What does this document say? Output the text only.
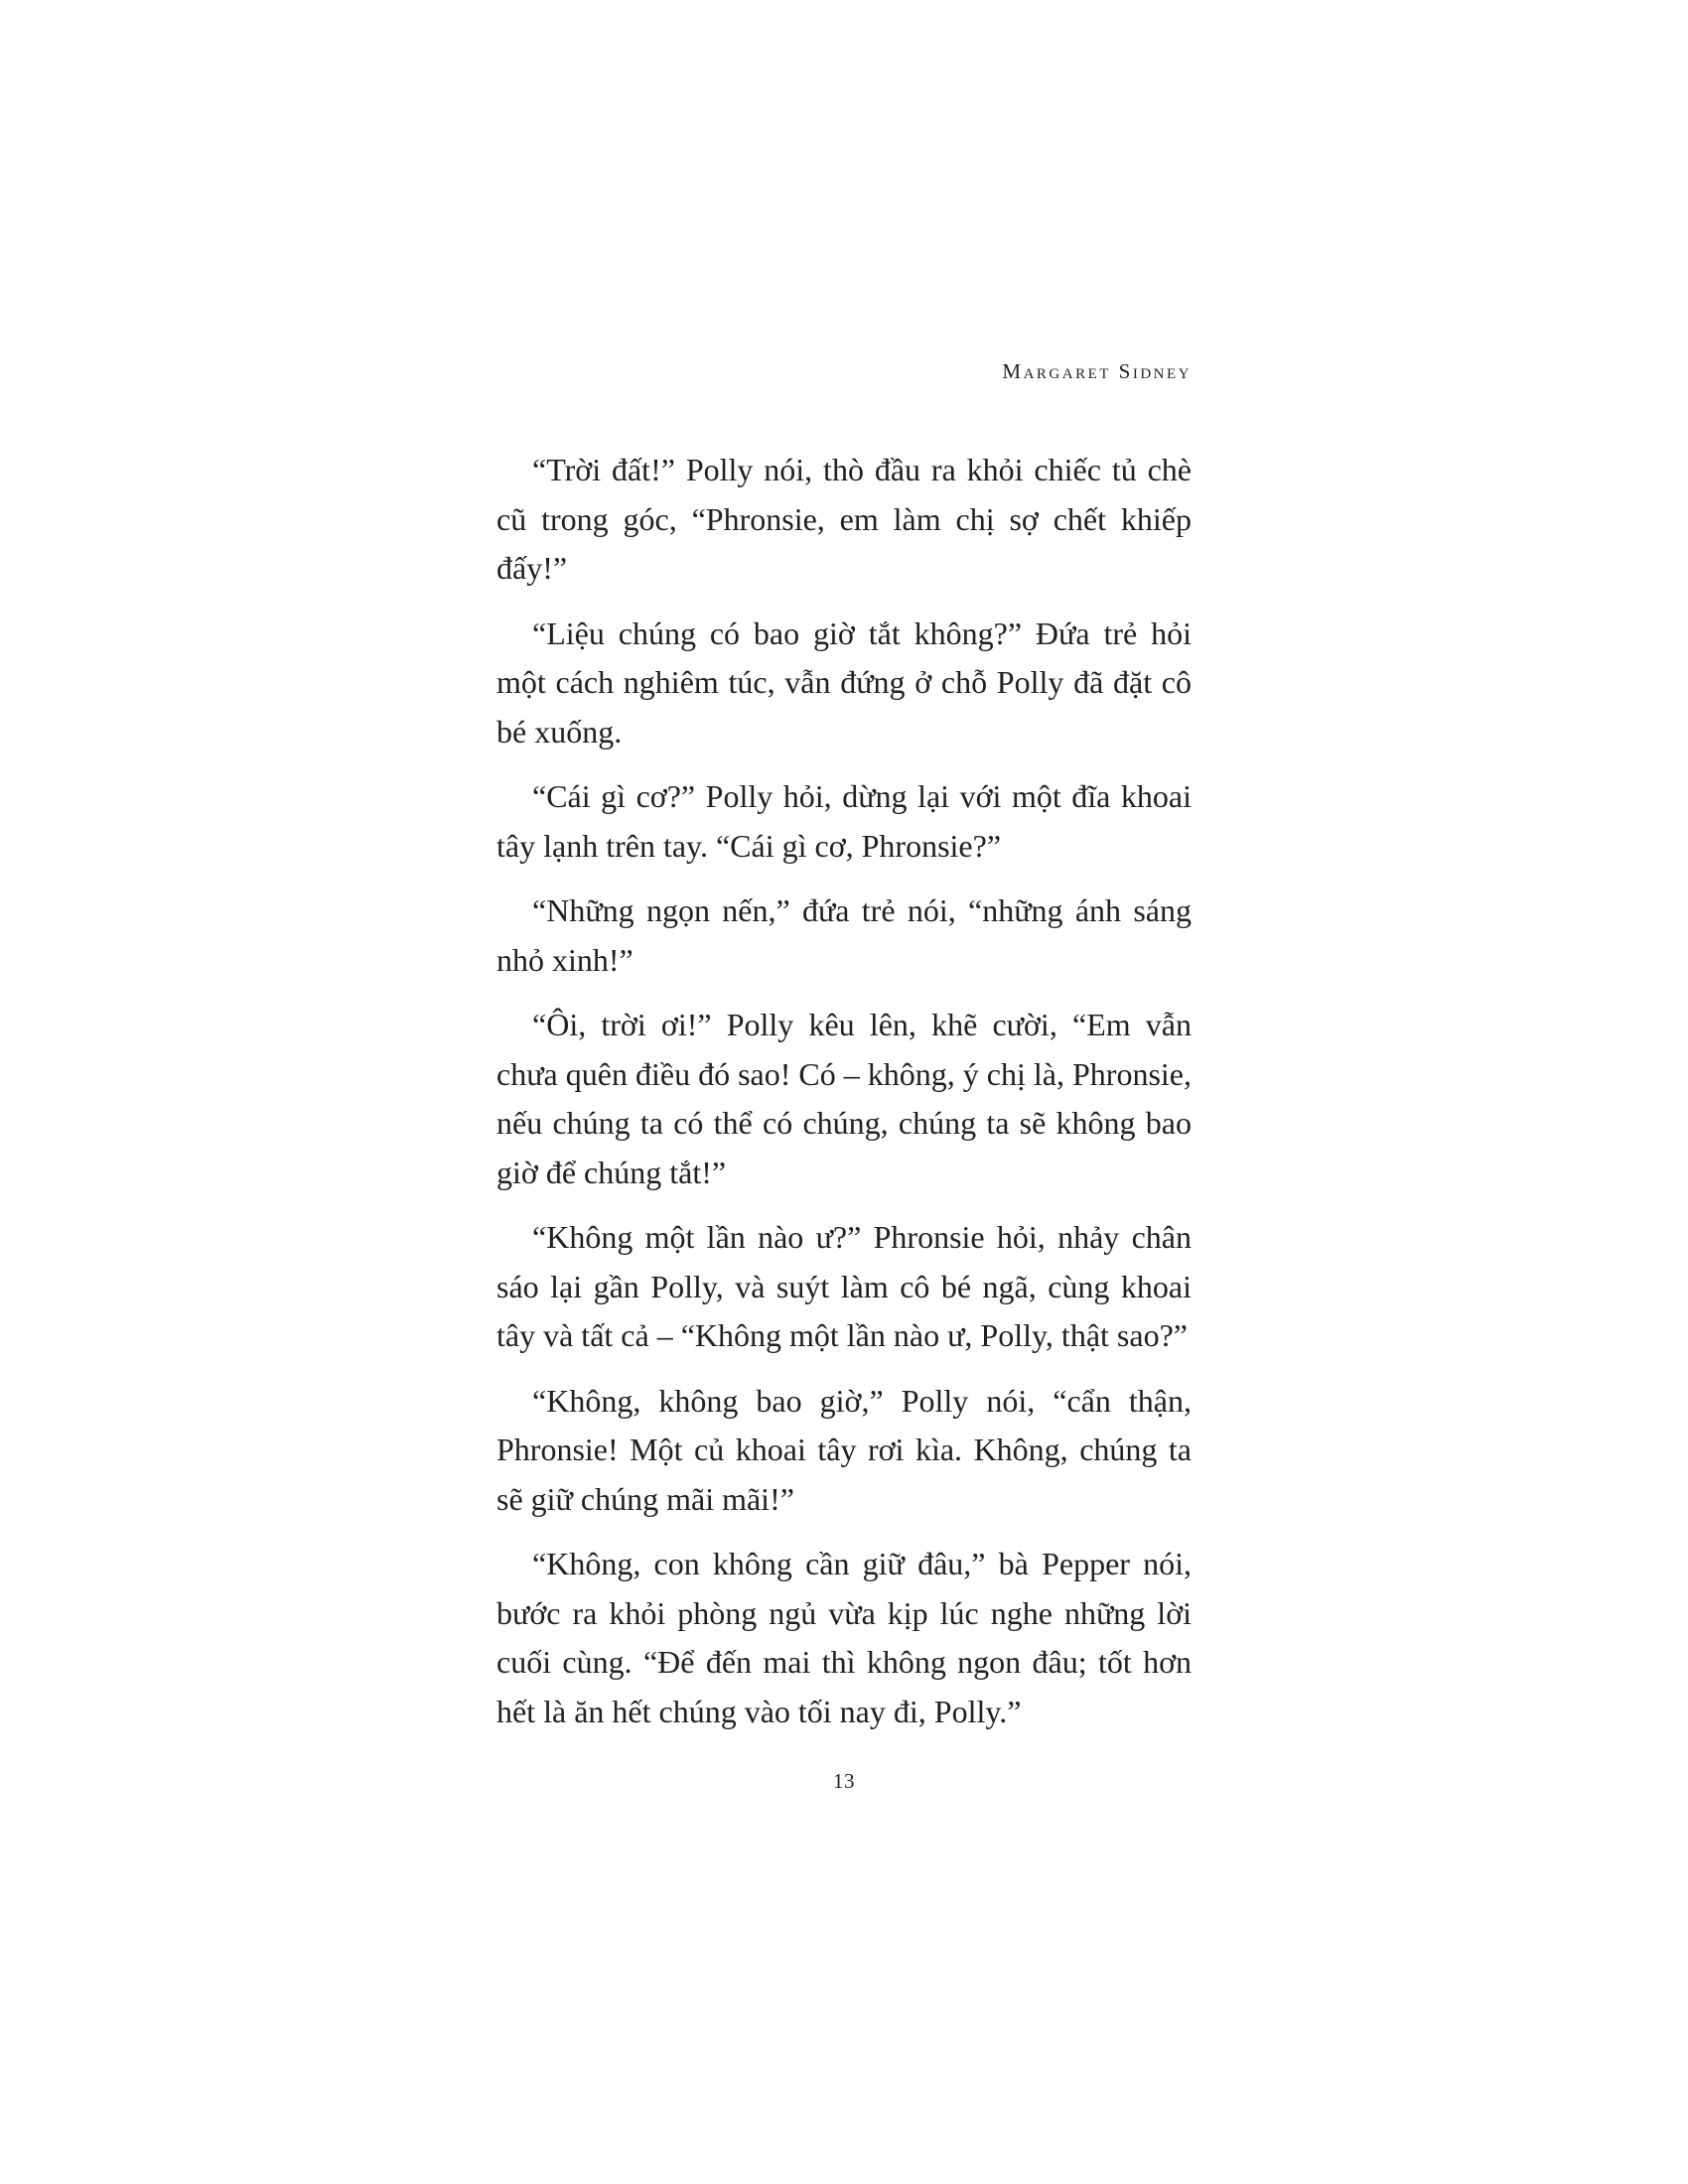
Margaret Sidney

“Trời đất!” Polly nói, thò đầu ra khỏi chiếc tủ chè cũ trong góc, “Phronsie, em làm chị sợ chết khiếp đấy!”

“Liệu chúng có bao giờ tắt không?” Đứa trẻ hỏi một cách nghiêm túc, vẫn đứng ở chỗ Polly đã đặt cô bé xuống.

“Cái gì cơ?” Polly hỏi, dừng lại với một đĩa khoai tây lạnh trên tay. “Cái gì cơ, Phronsie?”

“Những ngọn nến,” đứa trẻ nói, “những ánh sáng nhỏ xinh!”

“Ôi, trời ơi!” Polly kêu lên, khẽ cười, “Em vẫn chưa quên điều đó sao! Có – không, ý chị là, Phronsie, nếu chúng ta có thể có chúng, chúng ta sẽ không bao giờ để chúng tắt!”

“Không một lần nào ư?” Phronsie hỏi, nhảy chân sáo lại gần Polly, và suýt làm cô bé ngã, cùng khoai tây và tất cả – “Không một lần nào ư, Polly, thật sao?”

“Không, không bao giờ,” Polly nói, “cẩn thận, Phronsie! Một củ khoai tây rơi kìa. Không, chúng ta sẽ giữ chúng mãi mãi!”

“Không, con không cần giữ đâu,” bà Pepper nói, bước ra khỏi phòng ngủ vừa kịp lúc nghe những lời cuối cùng. “Để đến mai thì không ngon đâu; tốt hơn hết là ăn hết chúng vào tối nay đi, Polly.”

13
